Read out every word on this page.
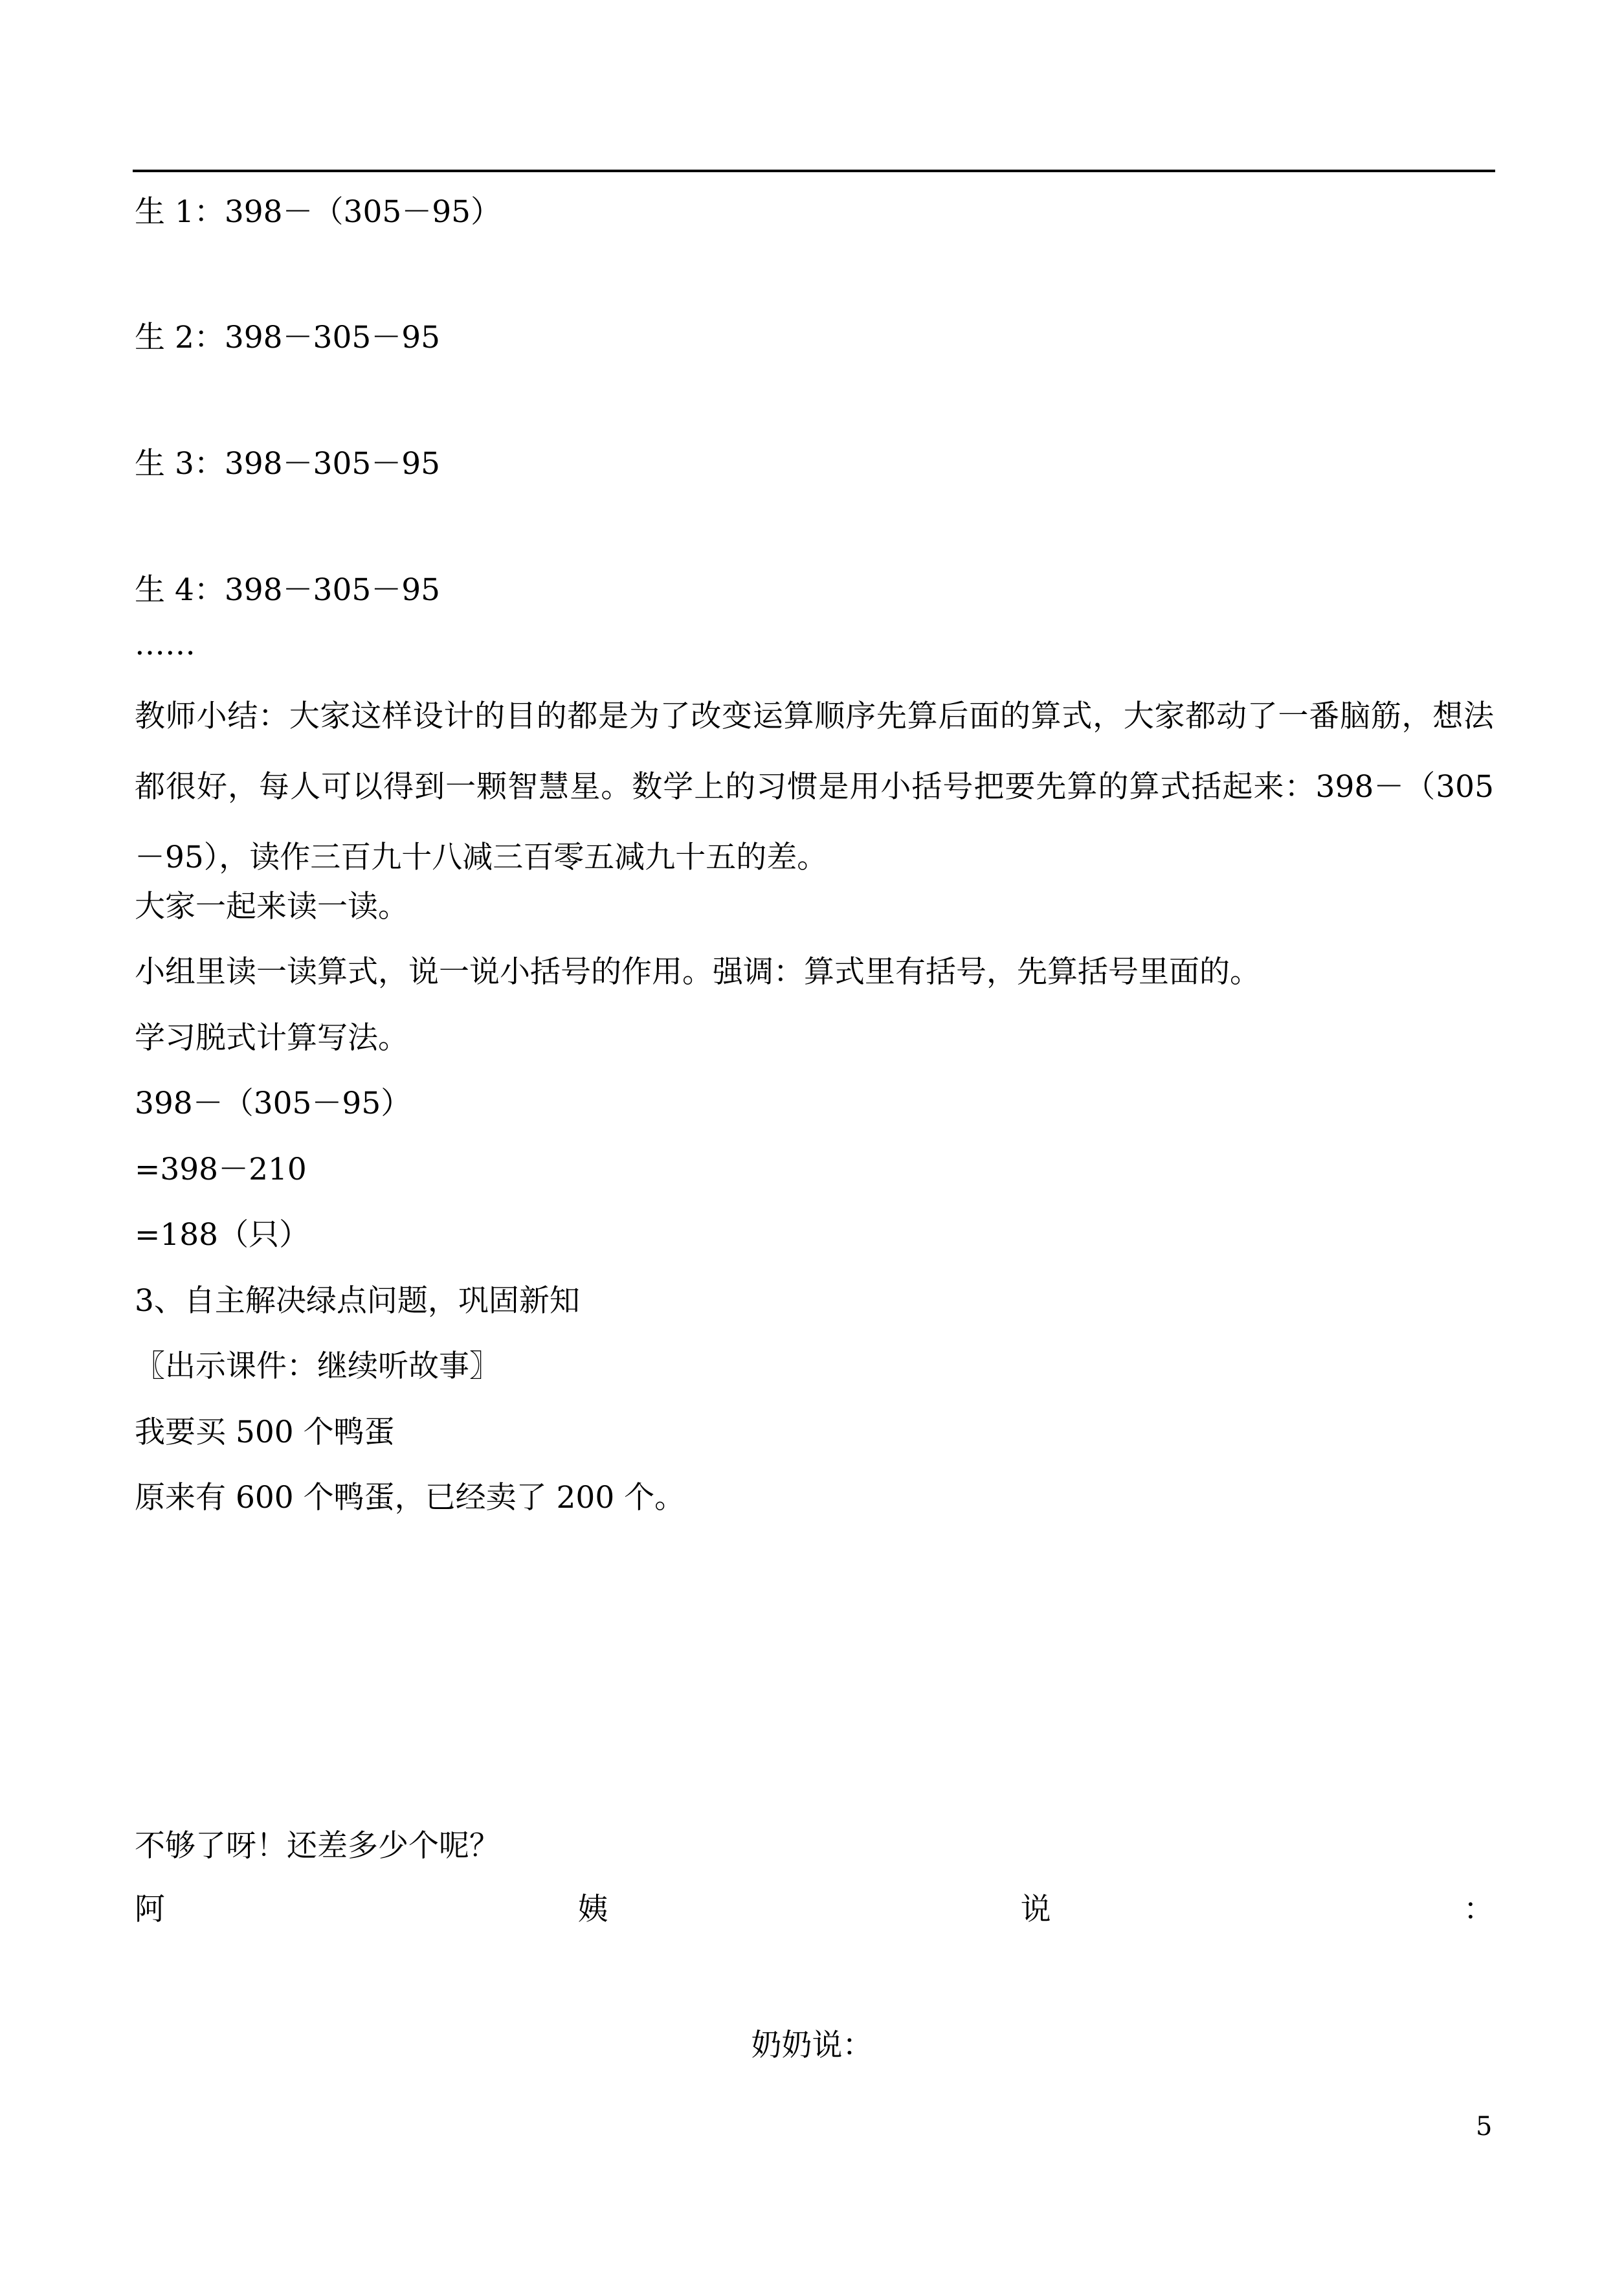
生 1：398－（305－95）
生 2：398－305－95
生 3：398－305－95
生 4：398－305－95
……
教师小结：大家这样设计的目的都是为了改变运算顺序先算后面的算式，大家都动了一番脑筋，想法都很好，每人可以得到一颗智慧星。数学上的习惯是用小括号把要先算的算式括起来：398－（305－95），读作三百九十八减三百零五减九十五的差。
大家一起来读一读。
小组里读一读算式，说一说小括号的作用。强调：算式里有括号，先算括号里面的。
学习脱式计算写法。
398－（305－95）
=398－210
=188（只）
3、自主解决绿点问题，巩固新知
〖出示课件：继续听故事〗
我要买 500 个鸭蛋
原来有 600 个鸭蛋，已经卖了 200 个。
不够了呀！还差多少个呢？
阿	姨	说	：
奶奶说：
5
